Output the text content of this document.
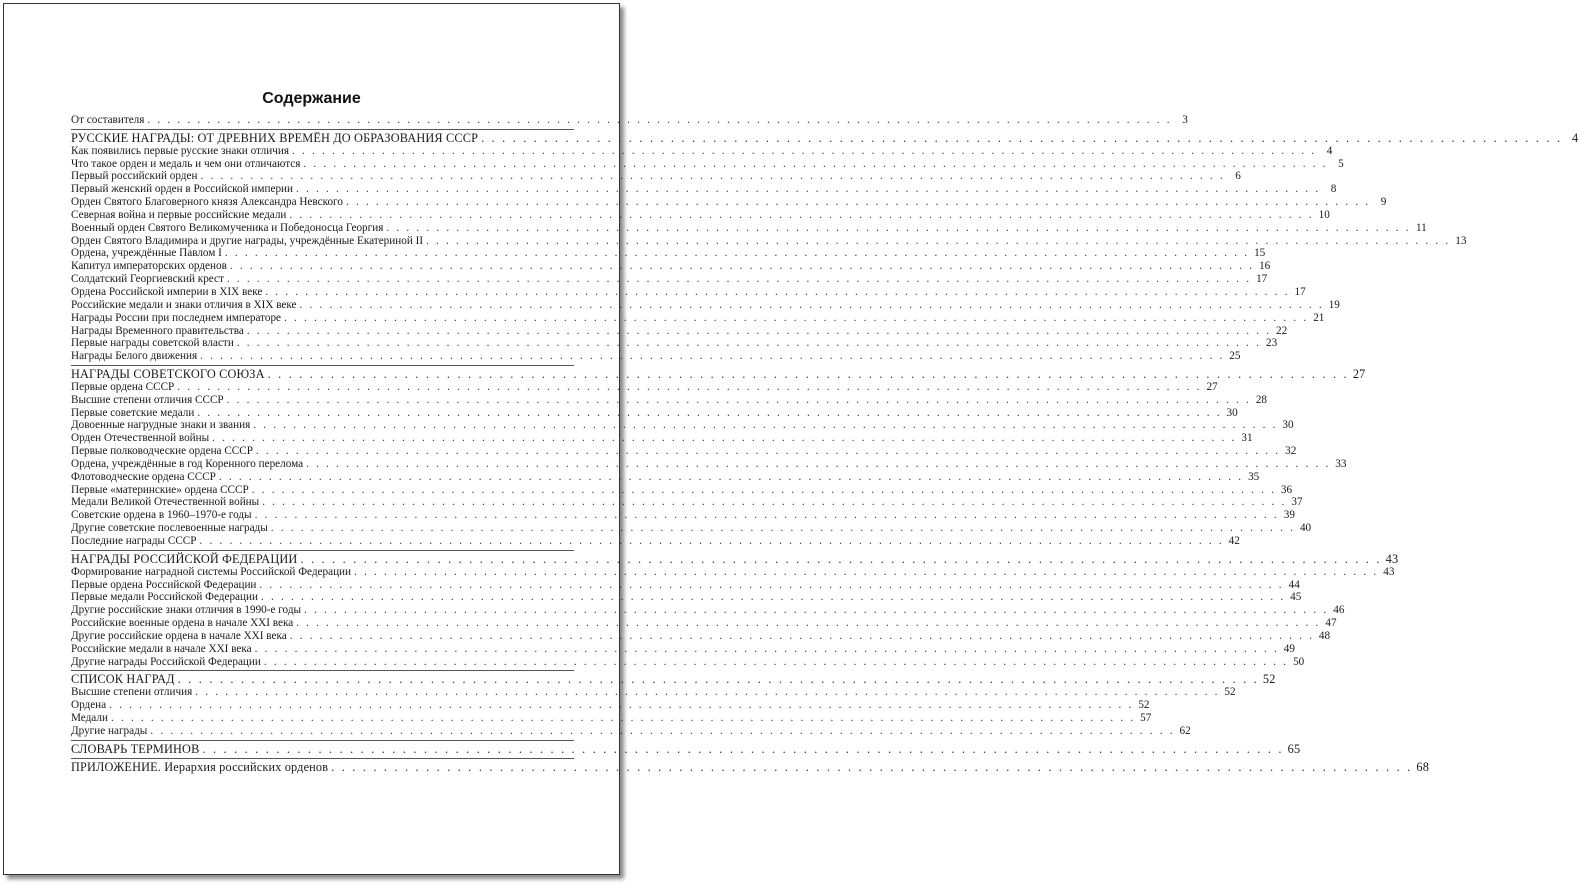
Содержание
От составителя . . .	3
РУССКИЕ НАГРАДЫ: ОТ ДРЕВНИХ ВРЕМЁН ДО ОБРАЗОВАНИЯ СССР . . .	4
Как появились первые русские знаки отличия . . .	4
Что такое орден и медаль и чем они отличаются . . .	5
Первый российский орден . . .	6
Первый женский орден в Российской империи . . .	8
Орден Святого Благоверного князя Александра Невского . . .	9
Северная война и первые российские медали . . .	10
Военный орден Святого Великомученика и Победоносца Георгия . . .	11
Орден Святого Владимира и другие награды, учреждённые Екатериной II . . .	13
Ордена, учреждённые Павлом I . . .	15
Капитул императорских орденов . . .	16
Солдатский Георгиевский крест . . .	17
Ордена Российской империи в XIX веке . . .	17
Российские медали и знаки отличия в XIX веке . . .	19
Награды России при последнем императоре . . .	21
Награды Временного правительства . . .	22
Первые награды советской власти . . .	23
Награды Белого движения . . .	25
НАГРАДЫ СОВЕТСКОГО СОЮЗА . . .	27
Первые ордена СССР . . .	27
Высшие степени отличия СССР . . .	28
Первые советские медали . . .	30
Довоенные нагрудные знаки и звания . . .	30
Орден Отечественной войны . . .	31
Первые полководческие ордена СССР . . .	32
Ордена, учреждённые в год Коренного перелома . . .	33
Флотоводческие ордена СССР . . .	35
Первые «материнские» ордена СССР . . .	36
Медали Великой Отечественной войны . . .	37
Советские ордена в 1960–1970-е годы . . .	39
Другие советские послевоенные награды . . .	40
Последние награды СССР . . .	42
НАГРАДЫ РОССИЙСКОЙ ФЕДЕРАЦИИ . . .	43
Формирование наградной системы Российской Федерации . . .	43
Первые ордена Российской Федерации . . .	44
Первые медали Российской Федерации . . .	45
Другие российские знаки отличия в 1990-е годы . . .	46
Российские военные ордена в начале XXI века . . .	47
Другие российские ордена в начале XXI века . . .	48
Российские медали в начале XXI века . . .	49
Другие награды Российской Федерации . . .	50
СПИСОК НАГРАД . . .	52
Высшие степени отличия . . .	52
Ордена . . .	52
Медали . . .	57
Другие награды . . .	62
СЛОВАРЬ ТЕРМИНОВ . . .	65
ПРИЛОЖЕНИЕ. Иерархия российских орденов . . .	68
